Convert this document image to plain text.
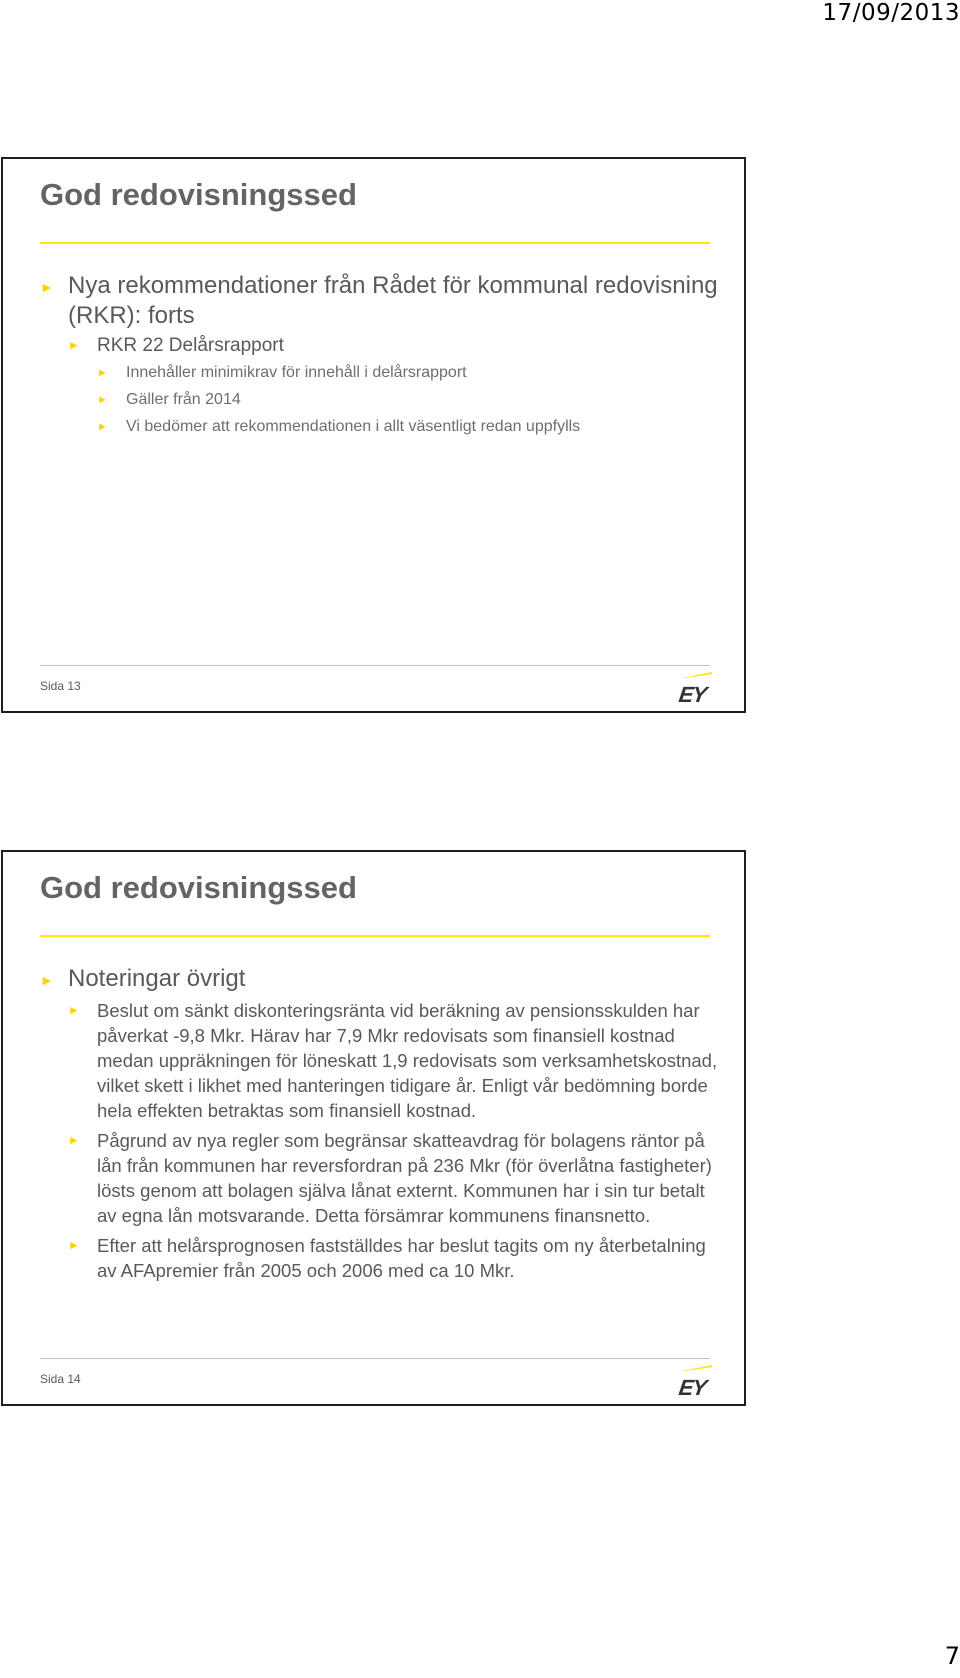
17/09/2013
God redovisningssed
► Nya rekommendationer från Rådet för kommunal redovisning (RKR): forts
► RKR 22 Delårsrapport
► Innehåller minimikrav för innehåll i delårsrapport
► Gäller från 2014
► Vi bedömer att rekommendationen i allt väsentligt redan uppfylls
Sida 13	EY
God redovisningssed
► Noteringar övrigt
► Beslut om sänkt diskonteringsränta vid beräkning av pensionsskulden har påverkat -9,8 Mkr. Härav har 7,9 Mkr redovisats som finansiell kostnad medan uppräkningen för löneskatt 1,9 redovisats som verksamhetskostnad, vilket skett i likhet med hanteringen tidigare år. Enligt vår bedömning borde hela effekten betraktas som finansiell kostnad.
► Pågrund av nya regler som begränsar skatteavdrag för bolagens räntor på lån från kommunen har reversfordran på 236 Mkr (för överlåtna fastigheter) lösts genom att bolagen själva lånat externt. Kommunen har i sin tur betalt av egna lån motsvarande. Detta försämrar kommunens finansnetto.
► Efter att helårsprognosen fastställdes har beslut tagits om ny återbetalning av AFApremier från 2005 och 2006 med ca 10 Mkr.
Sida 14	EY
7
